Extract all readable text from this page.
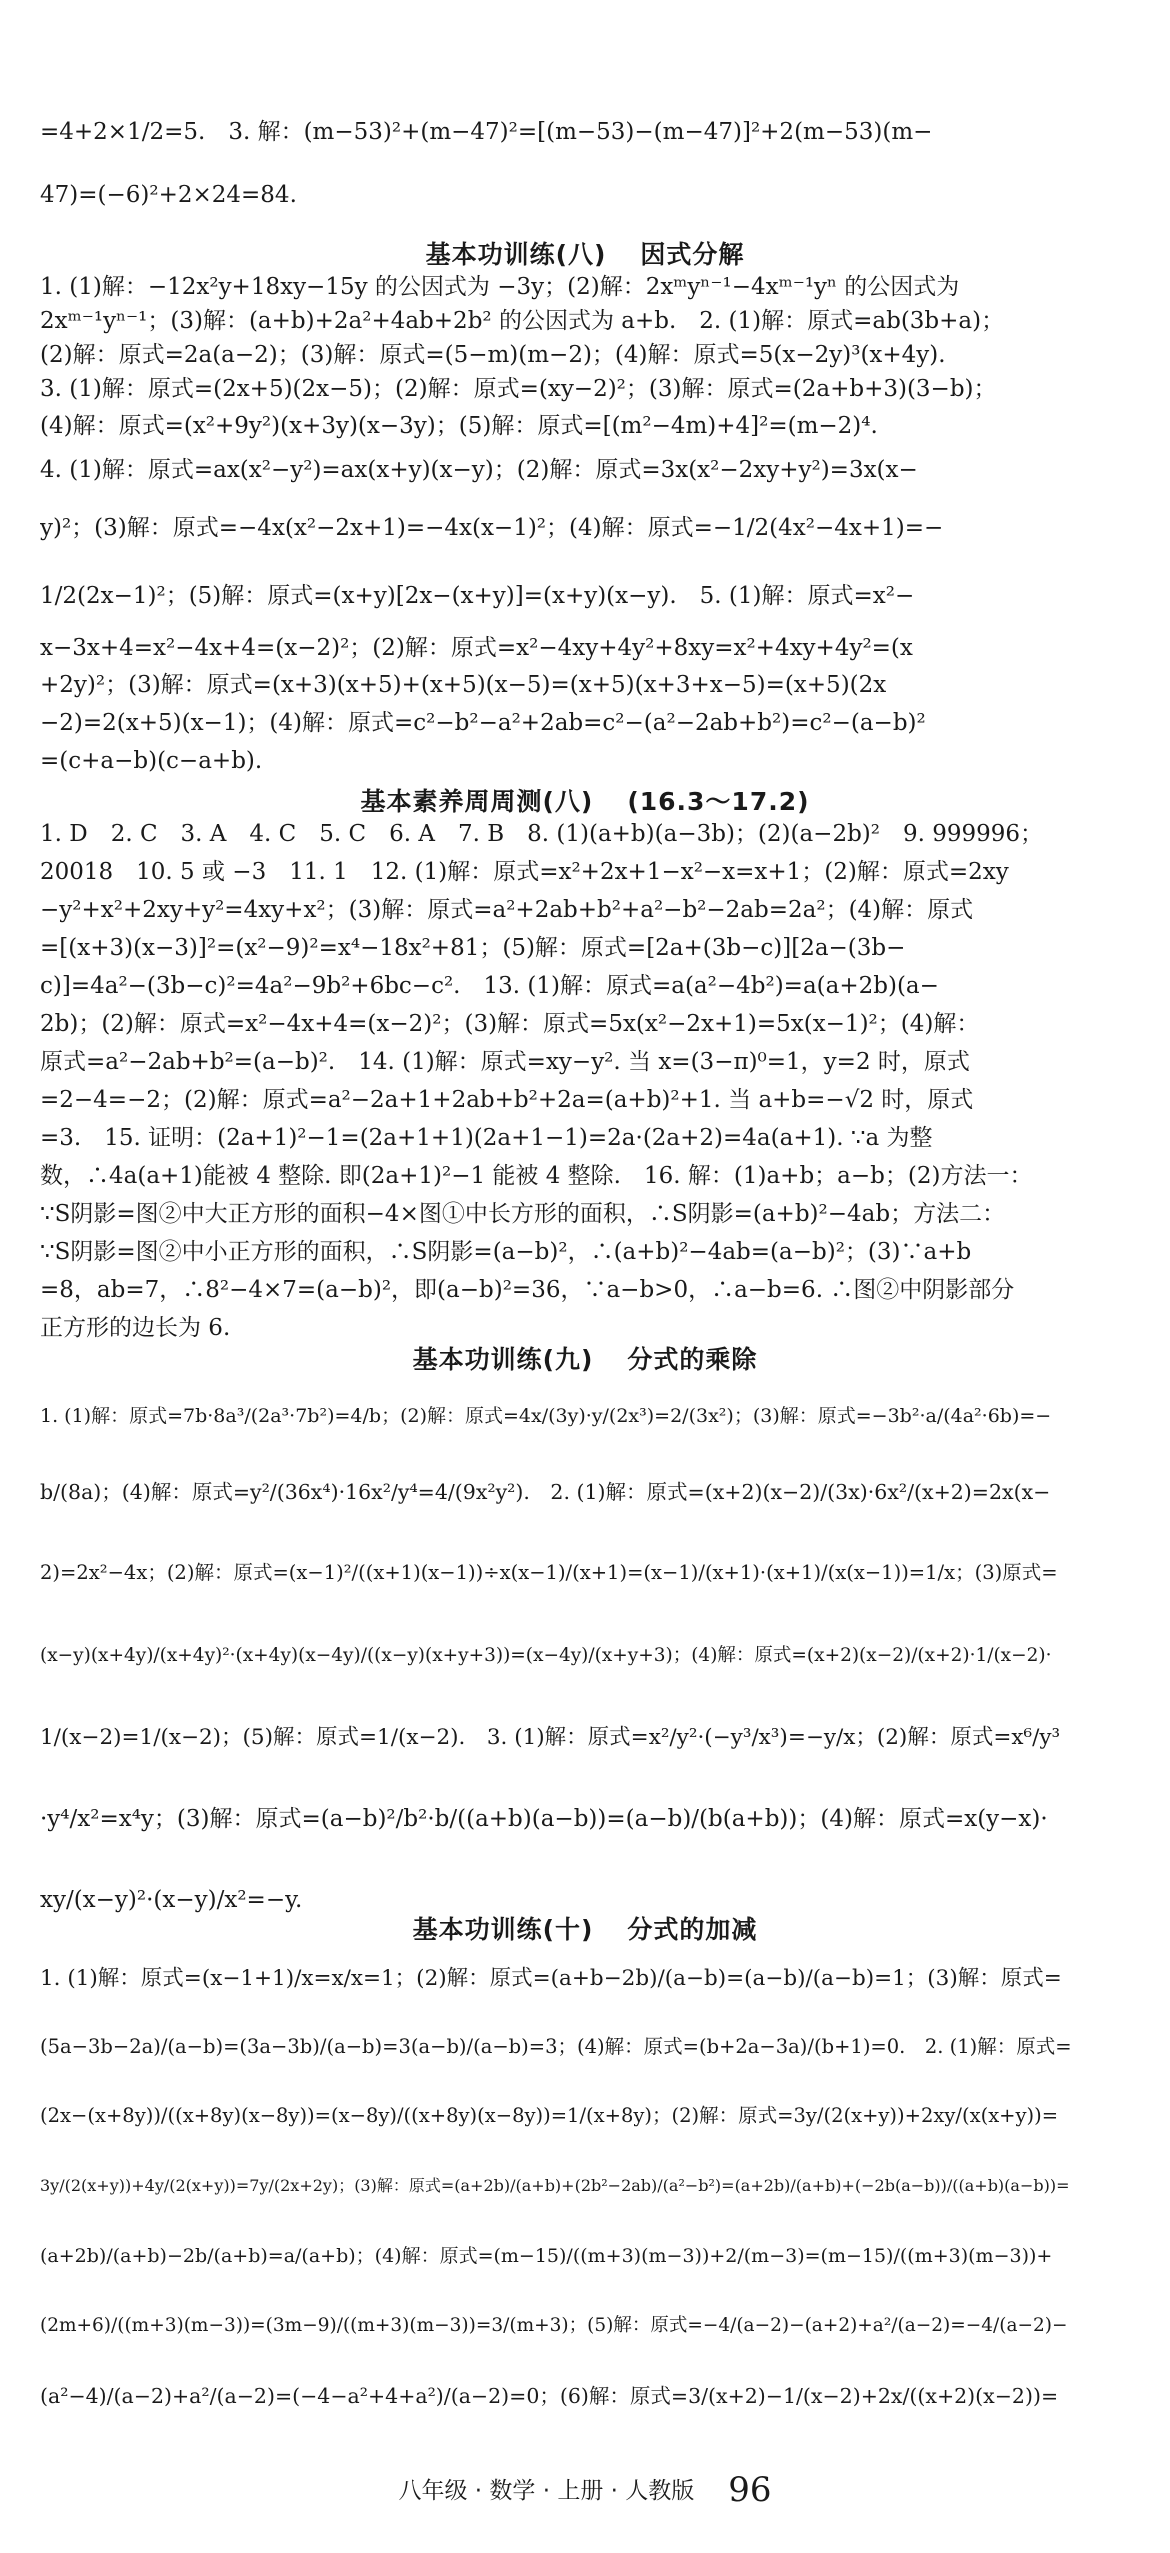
=4+2×1/2=5.　3. 解：(m−53)²+(m−47)²=[(m−53)−(m−47)]²+2(m−53)(m−
47)=(−6)²+2×24=84.
基本功训练(八) 因式分解
1. (1)解：−12x²y+18xy−15y 的公因式为 −3y；(2)解：2xᵐyⁿ⁻¹−4xᵐ⁻¹yⁿ 的公因式为
2xᵐ⁻¹yⁿ⁻¹；(3)解：(a+b)+2a²+4ab+2b² 的公因式为 a+b.　2. (1)解：原式=ab(3b+a)；
(2)解：原式=2a(a−2)；(3)解：原式=(5−m)(m−2)；(4)解：原式=5(x−2y)³(x+4y).
3. (1)解：原式=(2x+5)(2x−5)；(2)解：原式=(xy−2)²；(3)解：原式=(2a+b+3)(3−b)；
(4)解：原式=(x²+9y²)(x+3y)(x−3y)；(5)解：原式=[(m²−4m)+4]²=(m−2)⁴.
4. (1)解：原式=ax(x²−y²)=ax(x+y)(x−y)；(2)解：原式=3x(x²−2xy+y²)=3x(x−
y)²；(3)解：原式=−4x(x²−2x+1)=−4x(x−1)²；(4)解：原式=−1/2(4x²−4x+1)=−
1/2(2x−1)²；(5)解：原式=(x+y)[2x−(x+y)]=(x+y)(x−y).　5. (1)解：原式=x²−
x−3x+4=x²−4x+4=(x−2)²；(2)解：原式=x²−4xy+4y²+8xy=x²+4xy+4y²=(x
+2y)²；(3)解：原式=(x+3)(x+5)+(x+5)(x−5)=(x+5)(x+3+x−5)=(x+5)(2x
−2)=2(x+5)(x−1)；(4)解：原式=c²−b²−a²+2ab=c²−(a²−2ab+b²)=c²−(a−b)²
=(c+a−b)(c−a+b).
基本素养周周测(八) (16.3～17.2)
1. D　2. C　3. A　4. C　5. C　6. A　7. B　8. (1)(a+b)(a−3b)；(2)(a−2b)²　9. 999996；
20018　10. 5 或 −3　11. 1　12. (1)解：原式=x²+2x+1−x²−x=x+1；(2)解：原式=2xy
−y²+x²+2xy+y²=4xy+x²；(3)解：原式=a²+2ab+b²+a²−b²−2ab=2a²；(4)解：原式
=[(x+3)(x−3)]²=(x²−9)²=x⁴−18x²+81；(5)解：原式=[2a+(3b−c)][2a−(3b−
c)]=4a²−(3b−c)²=4a²−9b²+6bc−c².　13. (1)解：原式=a(a²−4b²)=a(a+2b)(a−
2b)；(2)解：原式=x²−4x+4=(x−2)²；(3)解：原式=5x(x²−2x+1)=5x(x−1)²；(4)解：
原式=a²−2ab+b²=(a−b)².　14. (1)解：原式=xy−y². 当 x=(3−π)⁰=1，y=2 时，原式
=2−4=−2；(2)解：原式=a²−2a+1+2ab+b²+2a=(a+b)²+1. 当 a+b=−√2 时，原式
=3.　15. 证明：(2a+1)²−1=(2a+1+1)(2a+1−1)=2a·(2a+2)=4a(a+1). ∵a 为整
数，∴4a(a+1)能被 4 整除. 即(2a+1)²−1 能被 4 整除.　16. 解：(1)a+b；a−b；(2)方法一：
∵S阴影=图②中大正方形的面积−4×图①中长方形的面积，∴S阴影=(a+b)²−4ab；方法二：
∵S阴影=图②中小正方形的面积，∴S阴影=(a−b)²，∴(a+b)²−4ab=(a−b)²；(3)∵a+b
=8，ab=7，∴8²−4×7=(a−b)²，即(a−b)²=36，∵a−b>0，∴a−b=6. ∴图②中阴影部分
正方形的边长为 6.
基本功训练(九) 分式的乘除
1. (1)解：原式=7b·8a³/(2a³·7b²)=4/b；(2)解：原式=4x/(3y)·y/(2x³)=2/(3x²)；(3)解：原式=−3b²·a/(4a²·6b)=−
b/(8a)；(4)解：原式=y²/(36x⁴)·16x²/y⁴=4/(9x²y²).　2. (1)解：原式=(x+2)(x−2)/(3x)·6x²/(x+2)=2x(x−
2)=2x²−4x；(2)解：原式=(x−1)²/((x+1)(x−1))÷x(x−1)/(x+1)=(x−1)/(x+1)·(x+1)/(x(x−1))=1/x；(3)原式=
(x−y)(x+4y)/(x+4y)²·(x+4y)(x−4y)/((x−y)(x+y+3))=(x−4y)/(x+y+3)；(4)解：原式=(x+2)(x−2)/(x+2)·1/(x−2)·
1/(x−2)=1/(x−2)；(5)解：原式=1/(x−2).　3. (1)解：原式=x²/y²·(−y³/x³)=−y/x；(2)解：原式=x⁶/y³
·y⁴/x²=x⁴y；(3)解：原式=(a−b)²/b²·b/((a+b)(a−b))=(a−b)/(b(a+b))；(4)解：原式=x(y−x)·
xy/(x−y)²·(x−y)/x²=−y.
基本功训练(十) 分式的加减
1. (1)解：原式=(x−1+1)/x=x/x=1；(2)解：原式=(a+b−2b)/(a−b)=(a−b)/(a−b)=1；(3)解：原式=
(5a−3b−2a)/(a−b)=(3a−3b)/(a−b)=3(a−b)/(a−b)=3；(4)解：原式=(b+2a−3a)/(b+1)=0.　2. (1)解：原式=
(2x−(x+8y))/((x+8y)(x−8y))=(x−8y)/((x+8y)(x−8y))=1/(x+8y)；(2)解：原式=3y/(2(x+y))+2xy/(x(x+y))=
3y/(2(x+y))+4y/(2(x+y))=7y/(2x+2y)；(3)解：原式=(a+2b)/(a+b)+(2b²−2ab)/(a²−b²)=(a+2b)/(a+b)+(−2b(a−b))/((a+b)(a−b))=
(a+2b)/(a+b)−2b/(a+b)=a/(a+b)；(4)解：原式=(m−15)/((m+3)(m−3))+2/(m−3)=(m−15)/((m+3)(m−3))+
(2m+6)/((m+3)(m−3))=(3m−9)/((m+3)(m−3))=3/(m+3)；(5)解：原式=−4/(a−2)−(a+2)+a²/(a−2)=−4/(a−2)−
(a²−4)/(a−2)+a²/(a−2)=(−4−a²+4+a²)/(a−2)=0；(6)解：原式=3/(x+2)−1/(x−2)+2x/((x+2)(x−2))=
八年级 · 数学 · 上册 · 人教版 96
